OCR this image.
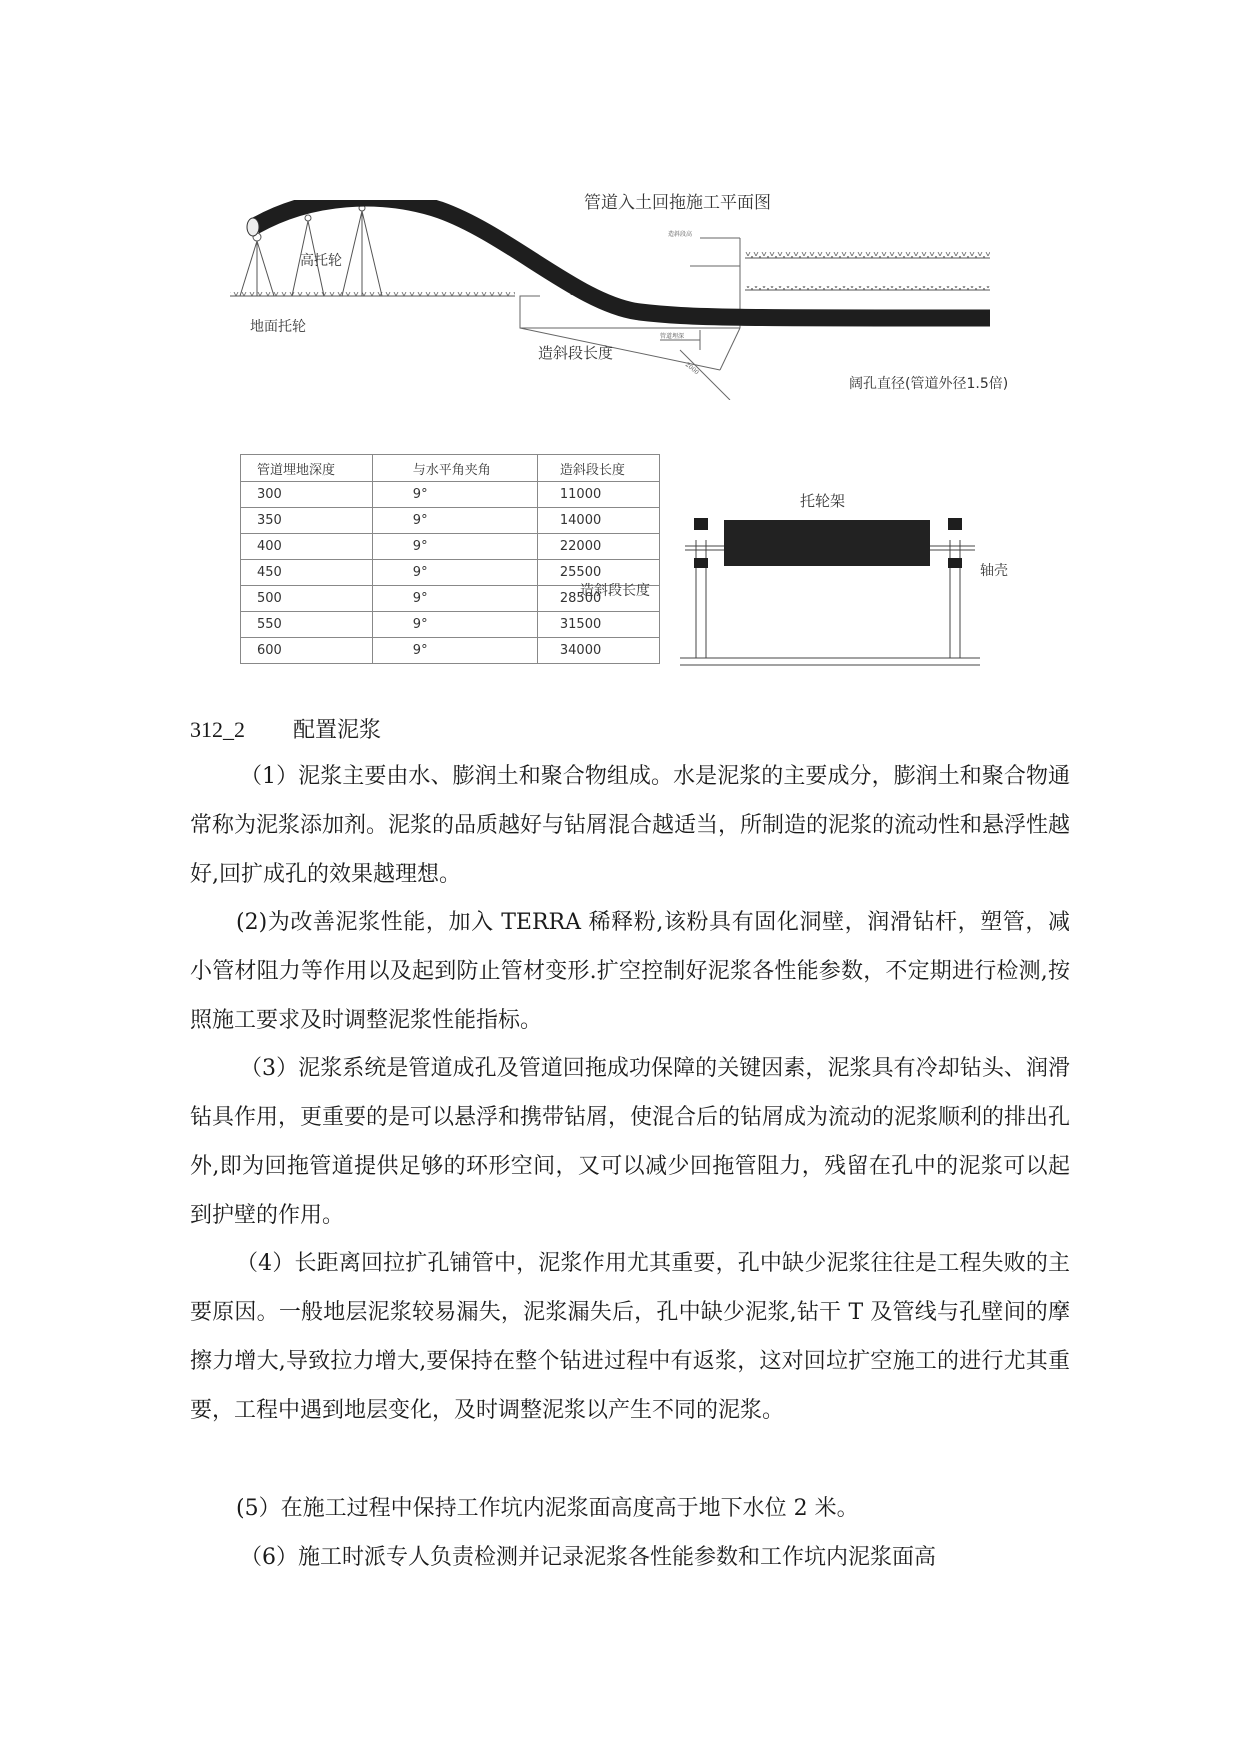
管道入土回拖施工平面图
造斜段高
管道埋深
L
2000
高托轮
地面托轮
造斜段长度
阔孔直径(管道外径1.5倍)
管道埋地深度	与水平角夹角	造斜段长度
300	9°	11000
350	9°	14000
400	9°	22000
450	9°	25500
500	9°	28500
550	9°	31500
600	9°	34000
造斜段长度
托轮架
轴壳
312_2 配置泥浆

（1）泥浆主要由水、膨润土和聚合物组成。水是泥浆的主要成分，膨润土和聚合物通常称为泥浆添加剂。泥浆的品质越好与钻屑混合越适当，所制造的泥浆的流动性和悬浮性越好,回扩成孔的效果越理想。

(2)为改善泥浆性能，加入 TERRA 稀释粉,该粉具有固化洞壁，润滑钻杆，塑管，减小管材阻力等作用以及起到防止管材变形.扩空控制好泥浆各性能参数，不定期进行检测,按照施工要求及时调整泥浆性能指标。

（3）泥浆系统是管道成孔及管道回拖成功保障的关键因素，泥浆具有冷却钻头、润滑钻具作用，更重要的是可以悬浮和携带钻屑，使混合后的钻屑成为流动的泥浆顺利的排出孔外,即为回拖管道提供足够的环形空间，又可以减少回拖管阻力，残留在孔中的泥浆可以起到护壁的作用。

（4）长距离回拉扩孔铺管中，泥浆作用尤其重要，孔中缺少泥浆往往是工程失败的主要原因。一般地层泥浆较易漏失，泥浆漏失后，孔中缺少泥浆,钻干 T 及管线与孔壁间的摩擦力增大,导致拉力增大,要保持在整个钻进过程中有返浆，这对回垃扩空施工的进行尤其重要，工程中遇到地层变化，及时调整泥浆以产生不同的泥浆。

(5）在施工过程中保持工作坑内泥浆面高度高于地下水位 2 米。

（6）施工时派专人负责检测并记录泥浆各性能参数和工作坑内泥浆面高
